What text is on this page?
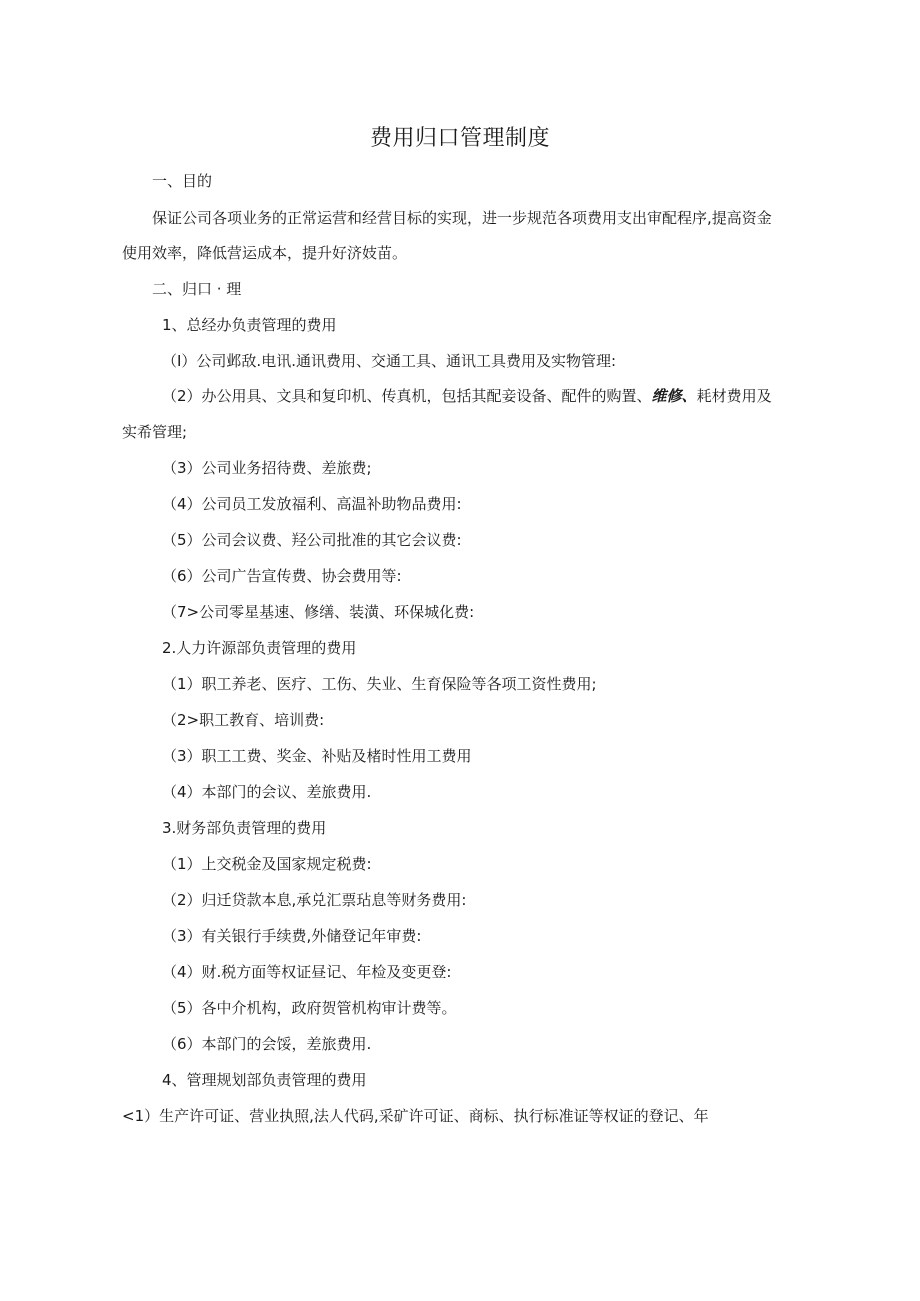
费用归口管理制度
一、目的
保证公司各项业务的正常运营和经营目标的实现，进一步规范各项费用支出审配程序,提高资金
使用效率，降低营运成本，提升好济妓苗。
二、归口 · 理
1、总经办负责管理的费用
（I）公司邺敌.电讯.通讯费用、交通工具、通讯工具费用及实物管理:
（2）办公用具、文具和复印机、传真机，包括其配妾设备、配件的购置、维修、耗材费用及
实希管理;
（3）公司业务招待费、差旅费;
（4）公司员工发放福利、高温补助物品费用:
（5）公司会议费、羟公司批准的其它会议费:
（6）公司广告宣传费、协会费用等:
（7>公司零星基速、修缮、装潢、环保城化费:
2.人力许源部负责管理的费用
（1）职工养老、医疗、工伤、失业、生育保险等各项工资性费用;
（2>职工教育、培训费:
（3）职工工费、奖金、补贴及楮时性用工费用
（4）本部门的会议、差旅费用.
3.财务部负责管理的费用
（1）上交税金及国家规定税费:
（2）归迁贷款本息,承兑汇票玷息等财务费用:
（3）有关银行手续费,外储登记年审费:
（4）财.税方面等权证昼记、年检及变更登:
（5）各中介机构，政府贺管机构审计费等。
（6）本部门的会馁，差旅费用.
4、管理规划部负责管理的费用
<1）生产许可证、营业执照,法人代码,采矿许可证、商标、执行标准证等权证的登记、年
